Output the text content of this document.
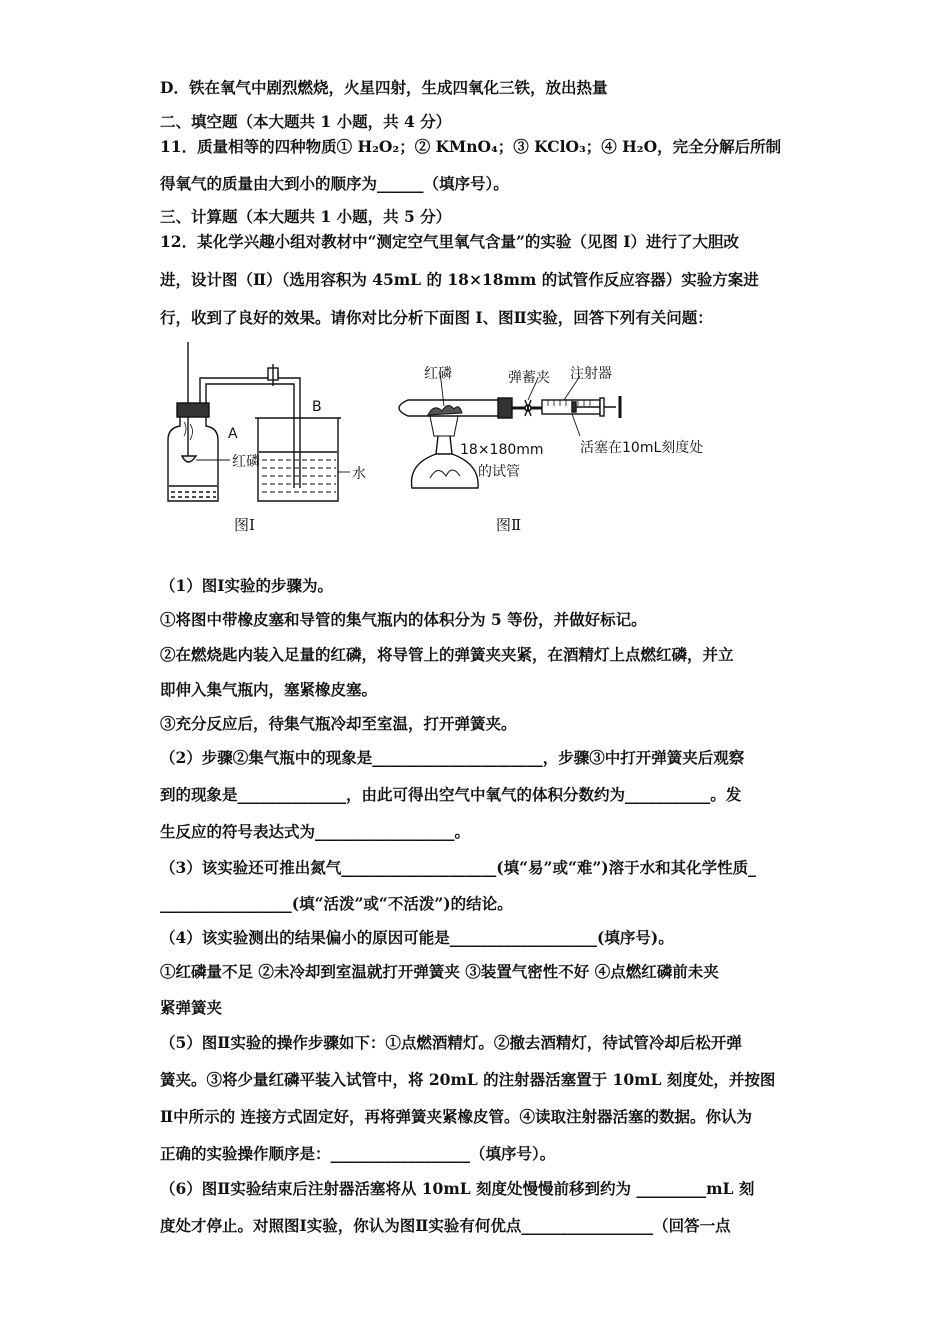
D．铁在氧气中剧烈燃烧，火星四射，生成四氧化三铁，放出热量
二、填空题（本大题共 1 小题，共 4 分）
11．质量相等的四种物质① H₂O₂；② KMnO₄；③ KClO₃；④ H₂O，完全分解后所制
得氧气的质量由大到小的顺序为______（填序号）。
三、计算题（本大题共 1 小题，共 5 分）
12．某化学兴趣小组对教材中“测定空气里氧气含量”的实验（见图 I）进行了大胆改
进，设计图（Ⅱ）（选用容积为 45mL 的 18×18mm 的试管作反应容器）实验方案进
行，收到了良好的效果。请你对比分析下面图 I、图Ⅱ实验，回答下列有关问题：
A
B
红磷
水
图Ⅰ
红磷	弹蓄夹 注射器
18×180mm
的试管
活塞在10mL刻度处
图Ⅱ
（1）图Ⅰ实验的步骤为。
①将图中带橡皮塞和导管的集气瓶内的体积分为 5 等份，并做好标记。
②在燃烧匙内装入足量的红磷，将导管上的弹簧夹夹紧，在酒精灯上点燃红磷，并立
即伸入集气瓶内，塞紧橡皮塞。
③充分反应后，待集气瓶冷却至室温，打开弹簧夹。
（2）步骤②集气瓶中的现象是______________________，步骤③中打开弹簧夹后观察
到的现象是______________，由此可得出空气中氧气的体积分数约为___________。发
生反应的符号表达式为__________________。
（3）该实验还可推出氮气____________________(填“易”或“难”)溶于水和其化学性质_
_________________(填“活泼”或“不活泼”)的结论。
（4）该实验测出的结果偏小的原因可能是___________________(填序号)。
①红磷量不足 ②未冷却到室温就打开弹簧夹 ③装置气密性不好 ④点燃红磷前未夹
紧弹簧夹
（5）图Ⅱ实验的操作步骤如下：①点燃酒精灯。②撤去酒精灯，待试管冷却后松开弹
簧夹。③将少量红磷平装入试管中，将 20mL 的注射器活塞置于 10mL 刻度处，并按图
Ⅱ中所示的 连接方式固定好，再将弹簧夹紧橡皮管。④读取注射器活塞的数据。你认为
正确的实验操作顺序是：__________________（填序号）。
（6）图Ⅱ实验结束后注射器活塞将从 10mL 刻度处慢慢前移到约为 _________mL 刻
度处才停止。对照图Ⅰ实验，你认为图Ⅱ实验有何优点_________________（回答一点
